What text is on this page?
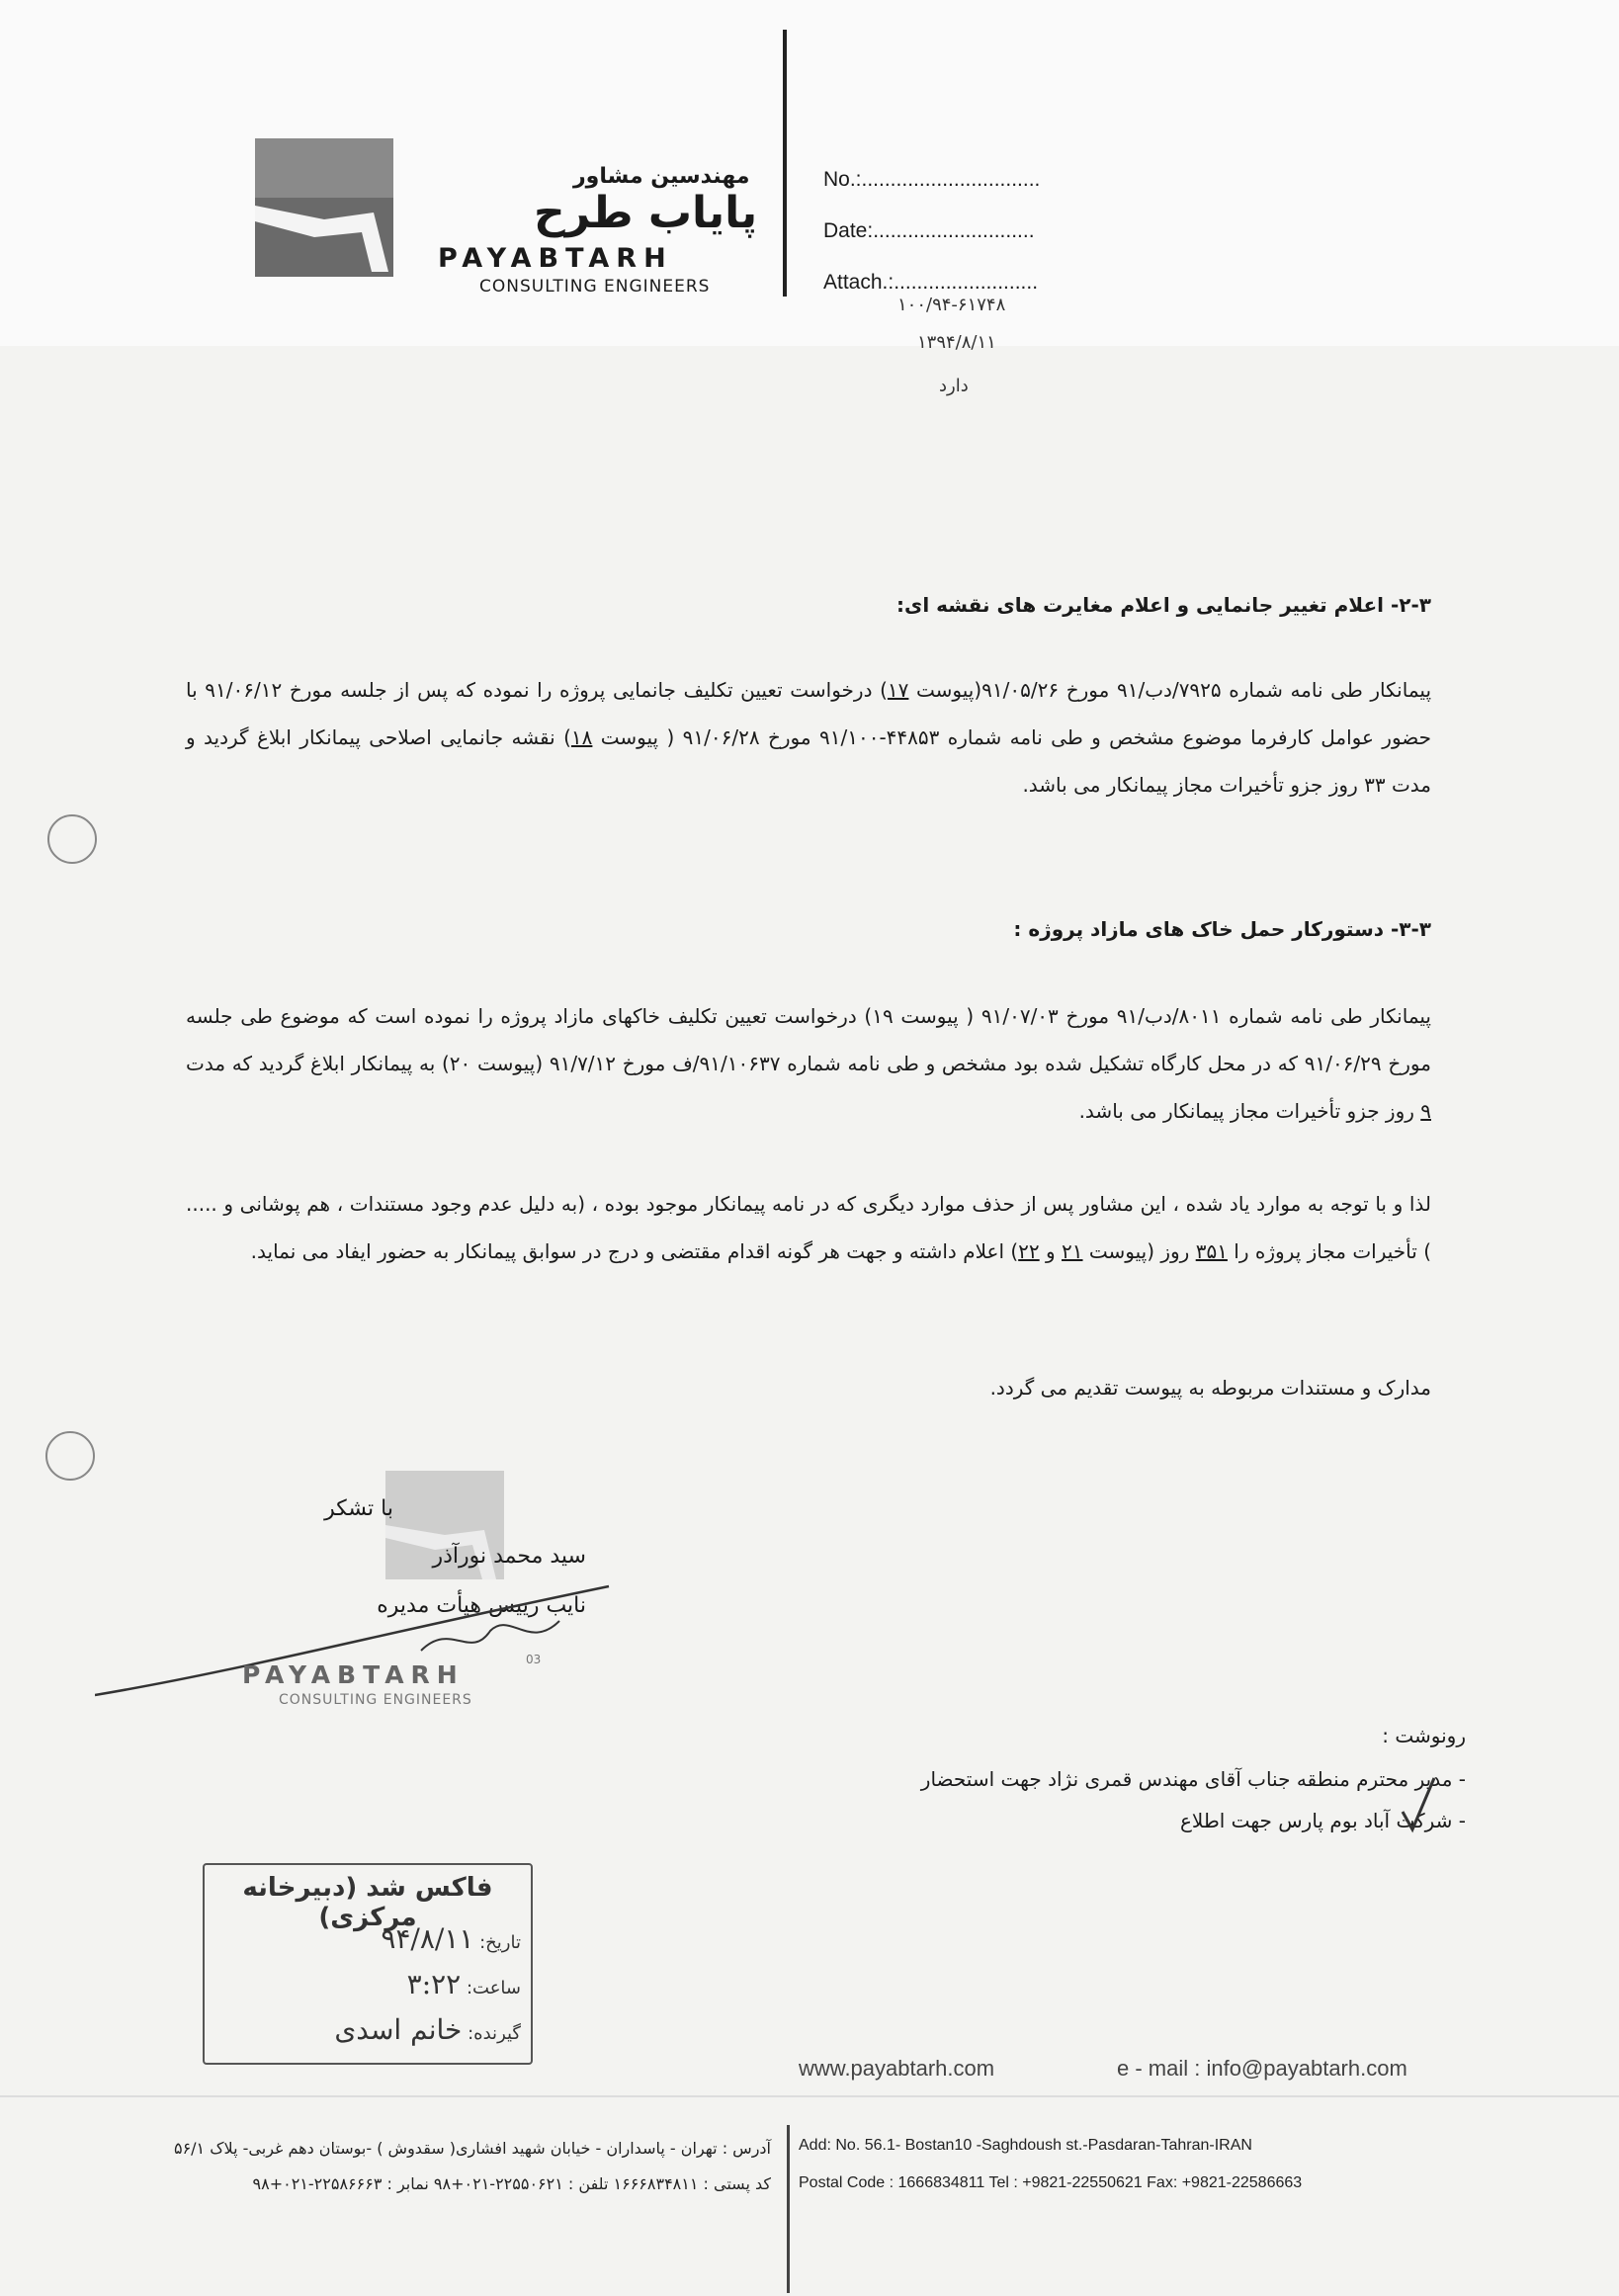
مهندسین مشاور
پایاب طرح
PAYABTARH
CONSULTING ENGINEERS
No.:...............................
Date:............................
Attach.:.........................
۱۰۰/۹۴-۶۱۷۴۸
۱۳۹۴/۸/۱۱
دارد
۲-۳- اعلام تغییر جانمایی و اعلام مغایرت های نقشه ای:
پیمانکار طی نامه شماره ۷۹۲۵/دب/۹۱ مورخ ۹۱/۰۵/۲۶(پیوست ۱۷) درخواست تعیین تکلیف جانمایی پروژه را نموده که پس از جلسه مورخ ۹۱/۰۶/۱۲ با حضور عوامل کارفرما موضوع مشخص و طی نامه شماره ۴۴۸۵۳-۹۱/۱۰۰ مورخ ۹۱/۰۶/۲۸ ( پیوست ۱۸) نقشه جانمایی اصلاحی پیمانکار ابلاغ گردید و مدت ۳۳ روز جزو تأخیرات مجاز پیمانکار می باشد.
۳-۳- دستورکار حمل خاک های مازاد پروژه :
پیمانکار طی نامه شماره ۸۰۱۱/دب/۹۱ مورخ ۹۱/۰۷/۰۳ ( پیوست ۱۹) درخواست تعیین تکلیف خاکهای مازاد پروژه را نموده است که موضوع طی جلسه مورخ ۹۱/۰۶/۲۹ که در محل کارگاه تشکیل شده بود مشخص و طی نامه شماره ۹۱/۱۰۶۳۷/ف مورخ ۹۱/۷/۱۲ (پیوست ۲۰) به پیمانکار ابلاغ گردید که مدت ۹ روز جزو تأخیرات مجاز پیمانکار می باشد.
لذا و با توجه به موارد یاد شده ، این مشاور پس از حذف موارد دیگری که در نامه پیمانکار موجود بوده ، (به دلیل عدم وجود مستندات ، هم پوشانی و ..... ) تأخیرات مجاز پروژه را ۳۵۱ روز (پیوست ۲۱ و ۲۲) اعلام داشته و جهت هر گونه اقدام مقتضی و درج در سوابق پیمانکار به حضور ایفاد می نماید.
مدارک و مستندات مربوطه به پیوست تقدیم می گردد.
با تشکر
سید محمد نورآذر
نایب رییس هیأت مدیره
PAYABTARH
CONSULTING ENGINEERS
03
رونوشت :
- مدیر محترم منطقه جناب آقای مهندس قمری نژاد جهت استحضار
- شرکت آباد بوم پارس جهت اطلاع
فاکس شد (دبیرخانه مرکزی)
تاریخ: ۹۴/۸/۱۱
ساعت: ۳:۲۲
گیرنده: خانم اسدی
www.payabtarh.com	e - mail : info@payabtarh.com
آدرس : تهران - پاسداران - خیابان شهید افشاری( سقدوش ) -بوستان دهم غربی- پلاک ۵۶/۱
کد پستی : ۱۶۶۶۸۳۴۸۱۱ تلفن : ۲۲۵۵۰۶۲۱-۰۲۱+۹۸ نمابر : ۲۲۵۸۶۶۶۳-۰۲۱+۹۸
Add: No. 56.1- Bostan10 -Saghdoush st.-Pasdaran-Tahran-IRAN
Postal Code : 1666834811 Tel : +9821-22550621 Fax: +9821-22586663
